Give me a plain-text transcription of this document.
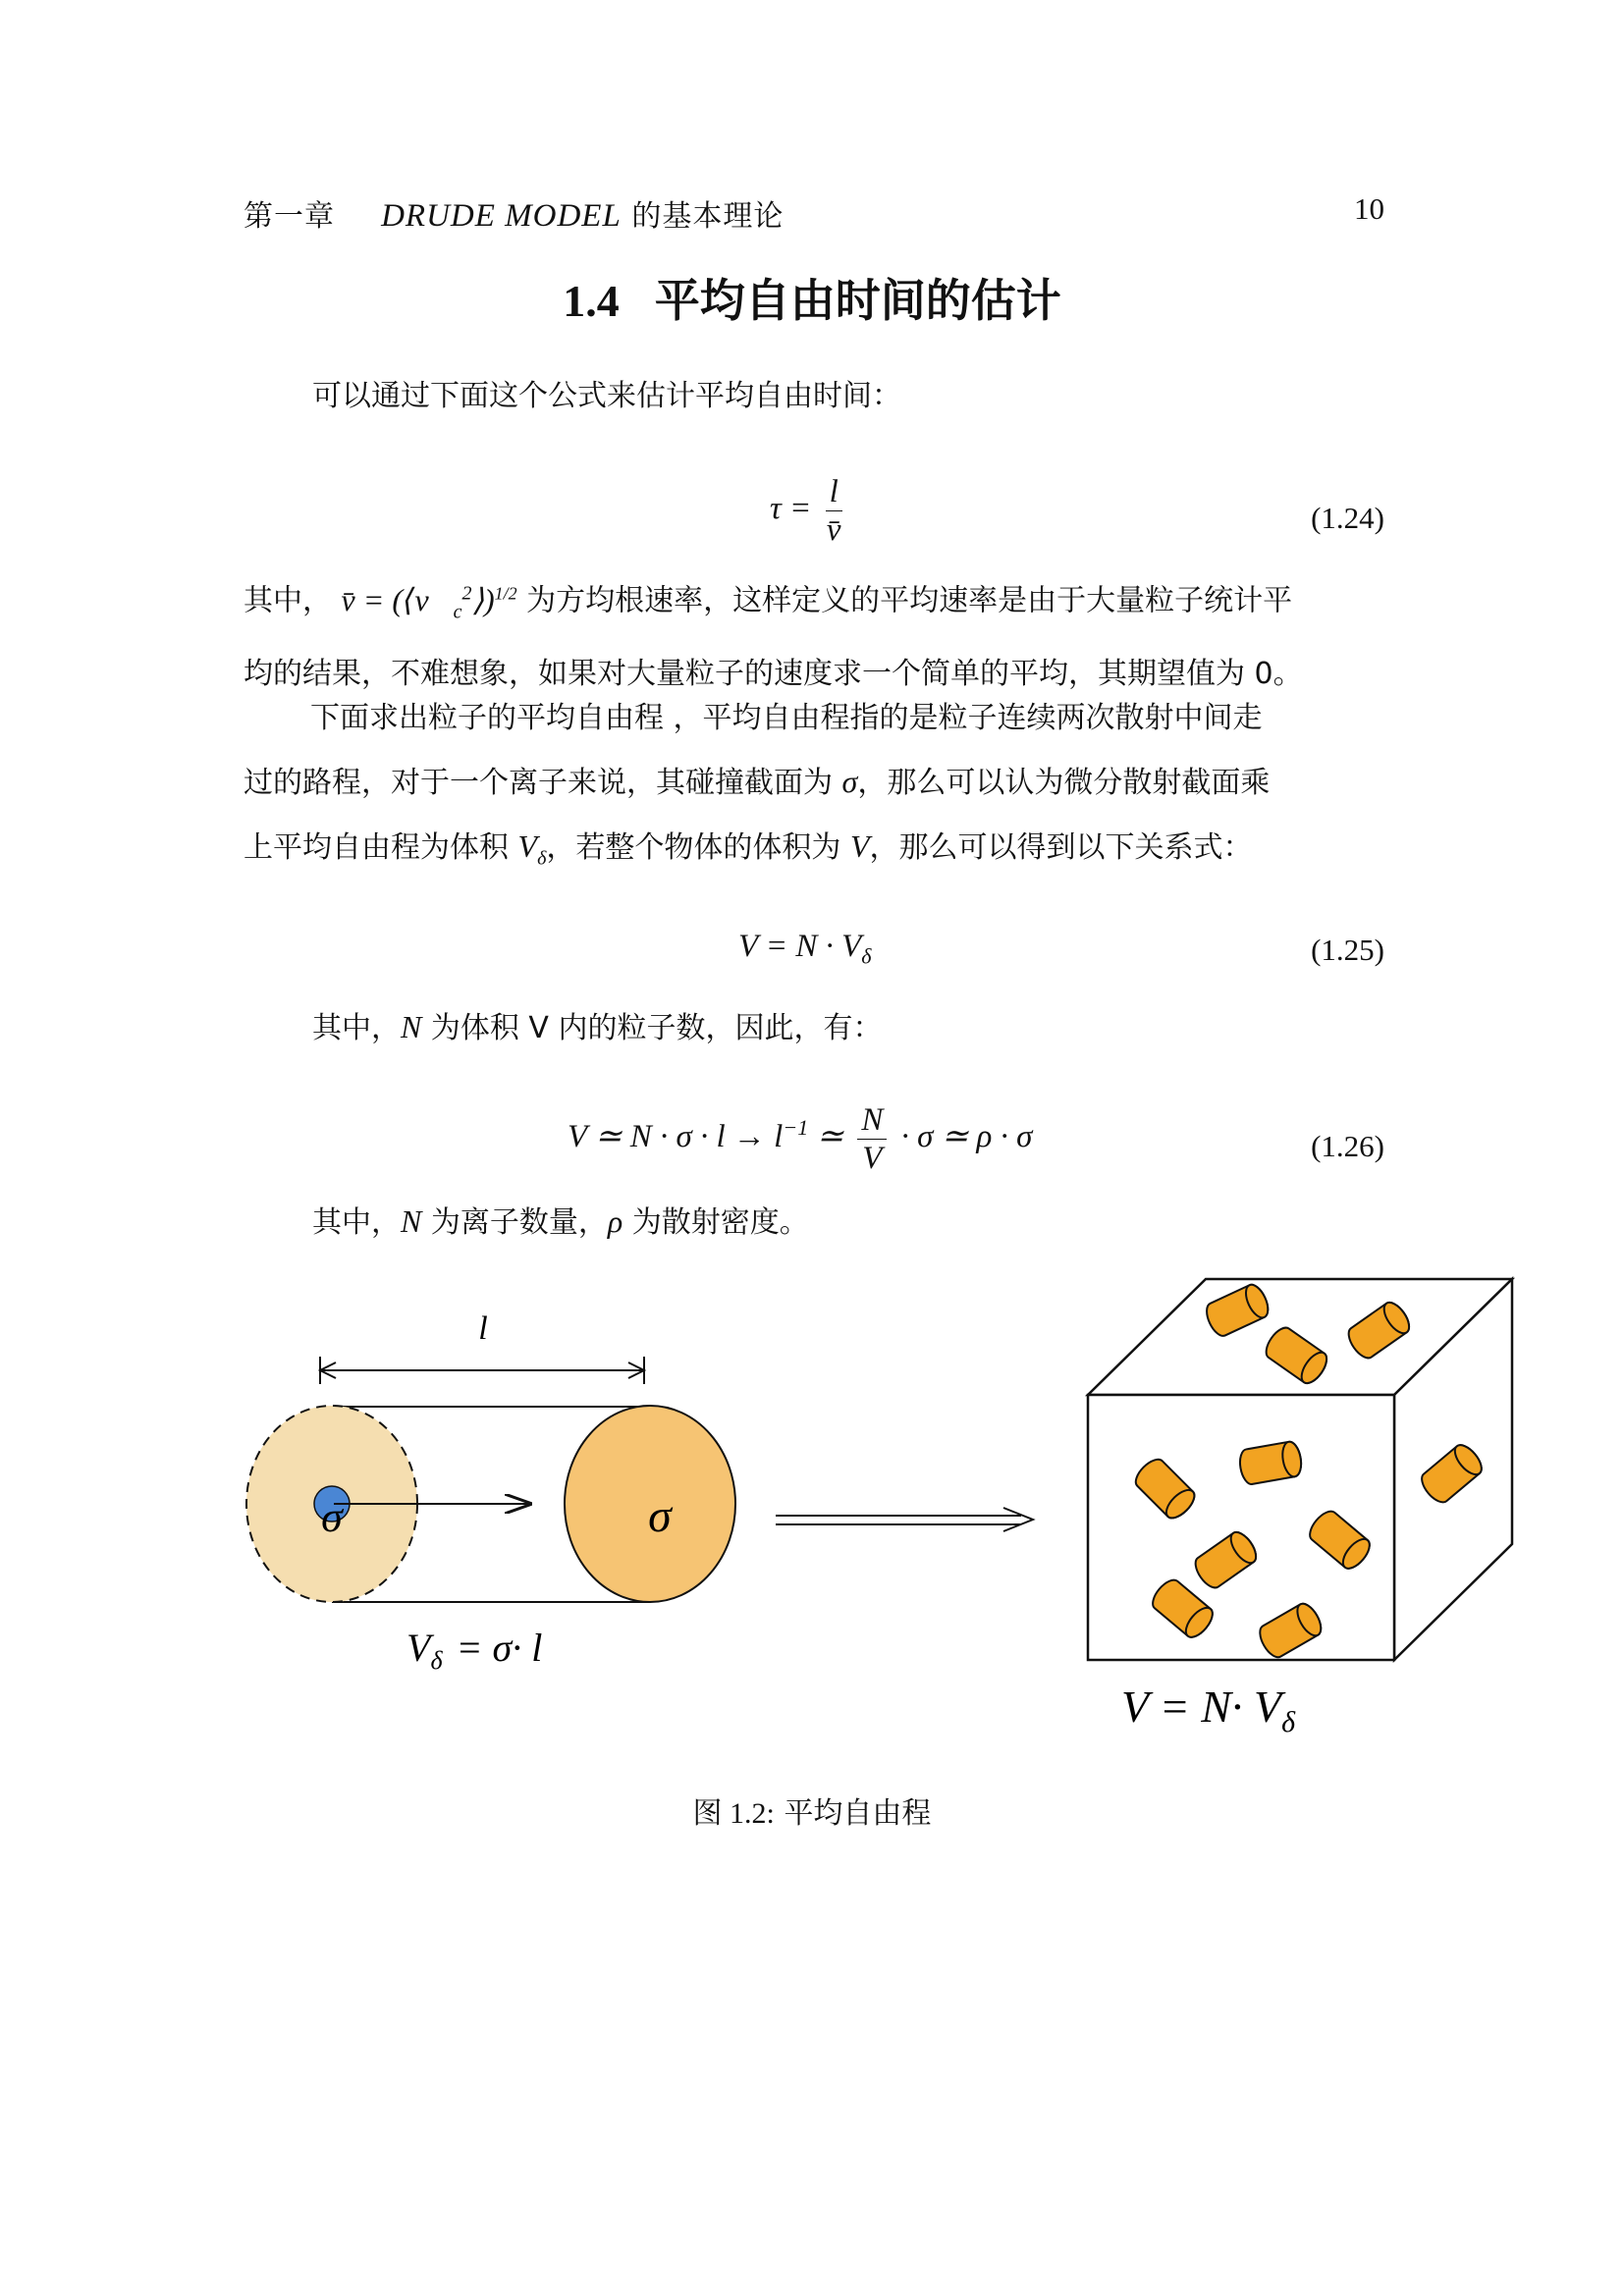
第一章 DRUDE MODEL 的基本理论	10
1.4 平均自由时间的估计
可以通过下面这个公式来估计平均自由时间：
$\tau = \frac{l}{v̄}$	(1.24)
其中， v̄ = $(⟨v⃗_c^2⟩)^{1/2}$ 为方均根速率，这样定义的平均速率是由于大量粒子统计平
均的结果，不难想象，如果对大量粒子的速度求一个简单的平均，其期望值为 0。
下面求出粒子的平均自由程 ，平均自由程指的是粒子连续两次散射中间走
过的路程，对于一个离子来说，其碰撞截面为 σ，那么可以认为微分散射截面乘
上平均自由程为体积 $V_\delta$，若整个物体的体积为 V，那么可以得到以下关系式：
$V = N \cdot V_\delta$	(1.25)
其中，N 为体积 V 内的粒子数，因此，有：
V ≃ $N \cdot \sigma \cdot l \to l^{-1}$ ≃ $\frac{N}{V} \cdot \sigma$ ≃ ρ · σ	(1.26)
其中，N 为离子数量，ρ 为散射密度。
l
σ
σ
$V_\delta = \sigma\cdot l$
$V = N\cdot V_\delta$
图 1.2: 平均自由程
